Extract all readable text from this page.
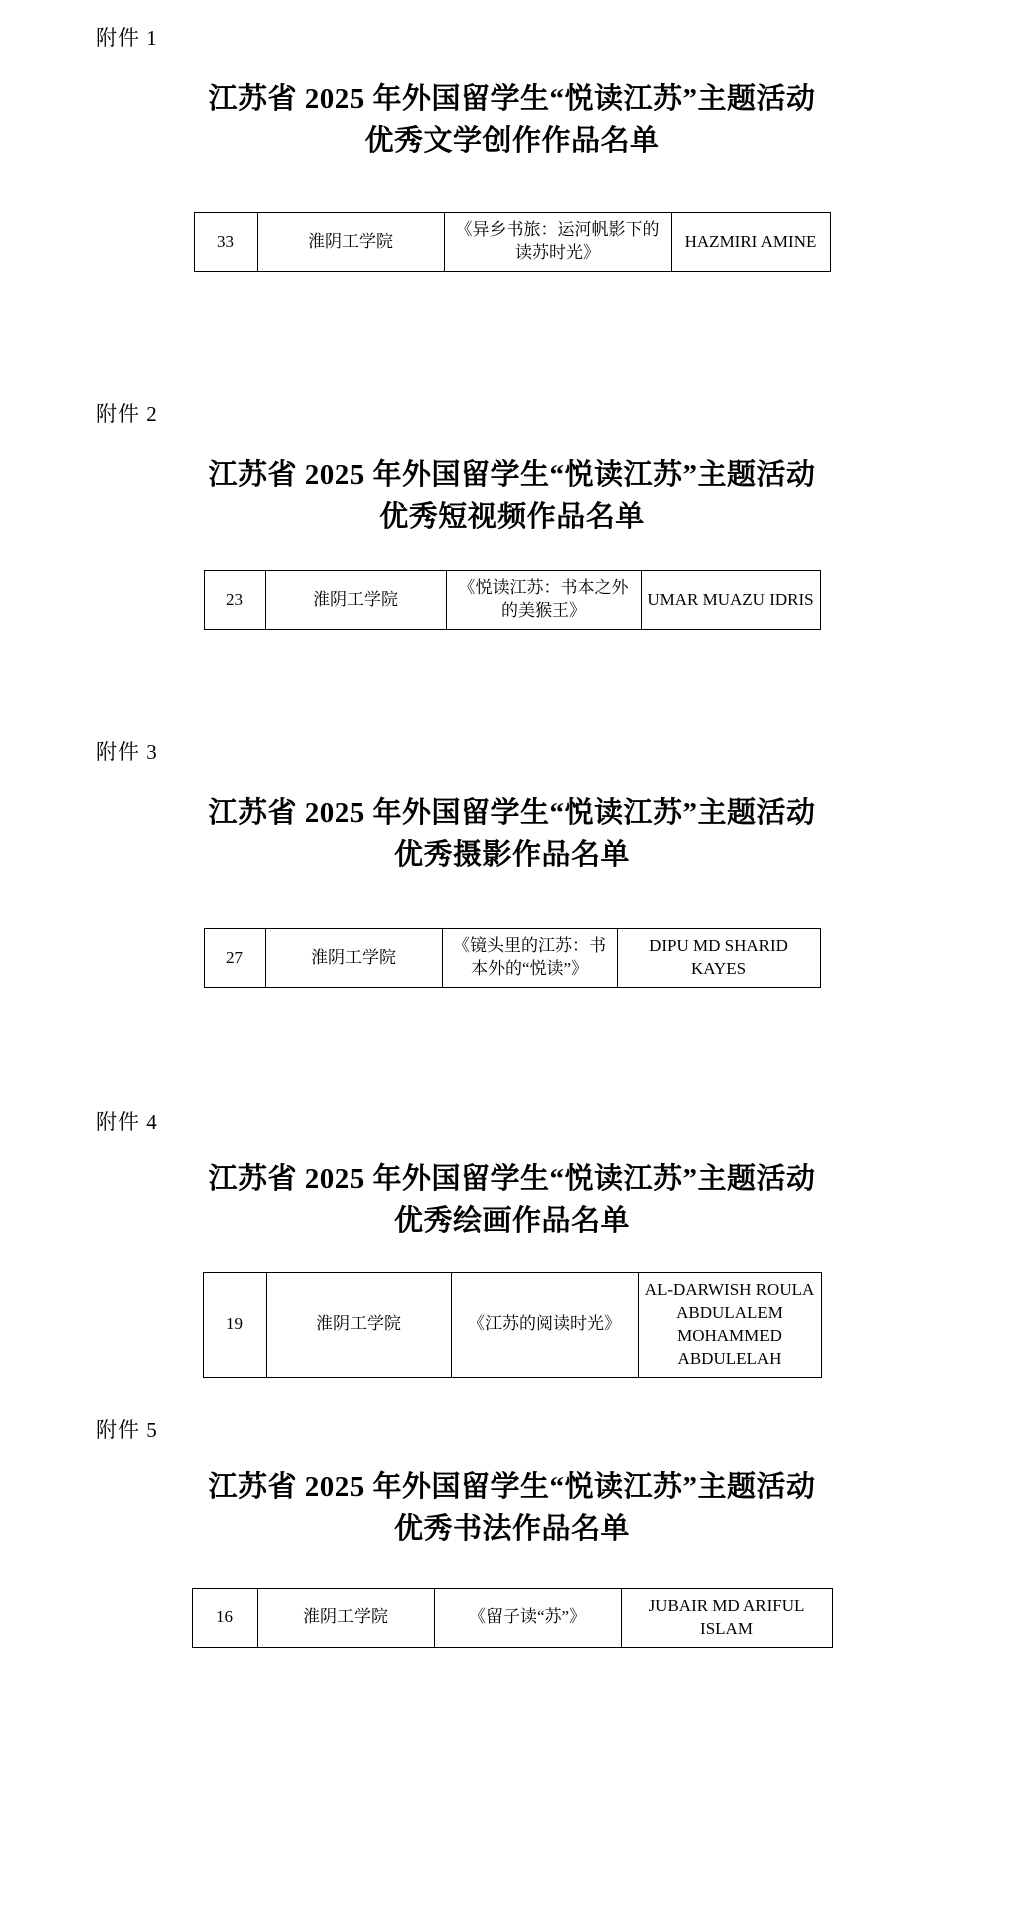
附件 1
江苏省 2025 年外国留学生“悦读江苏”主题活动
优秀文学创作作品名单
33	淮阴工学院	《异乡书旅：运河帆影下的读苏时光》	HAZMIRI AMINE
附件 2
江苏省 2025 年外国留学生“悦读江苏”主题活动
优秀短视频作品名单
23	淮阴工学院	《悦读江苏：书本之外的美猴王》	UMAR MUAZU IDRIS
附件 3
江苏省 2025 年外国留学生“悦读江苏”主题活动
优秀摄影作品名单
27	淮阴工学院	《镜头里的江苏：书本外的“悦读”》	DIPU MD SHARID KAYES
附件 4
江苏省 2025 年外国留学生“悦读江苏”主题活动
优秀绘画作品名单
19	淮阴工学院	《江苏的阅读时光》	AL-DARWISH ROULA ABDULALEM MOHAMMED ABDULELAH
附件 5
江苏省 2025 年外国留学生“悦读江苏”主题活动
优秀书法作品名单
16	淮阴工学院	《留子读“苏”》	JUBAIR MD ARIFUL ISLAM
